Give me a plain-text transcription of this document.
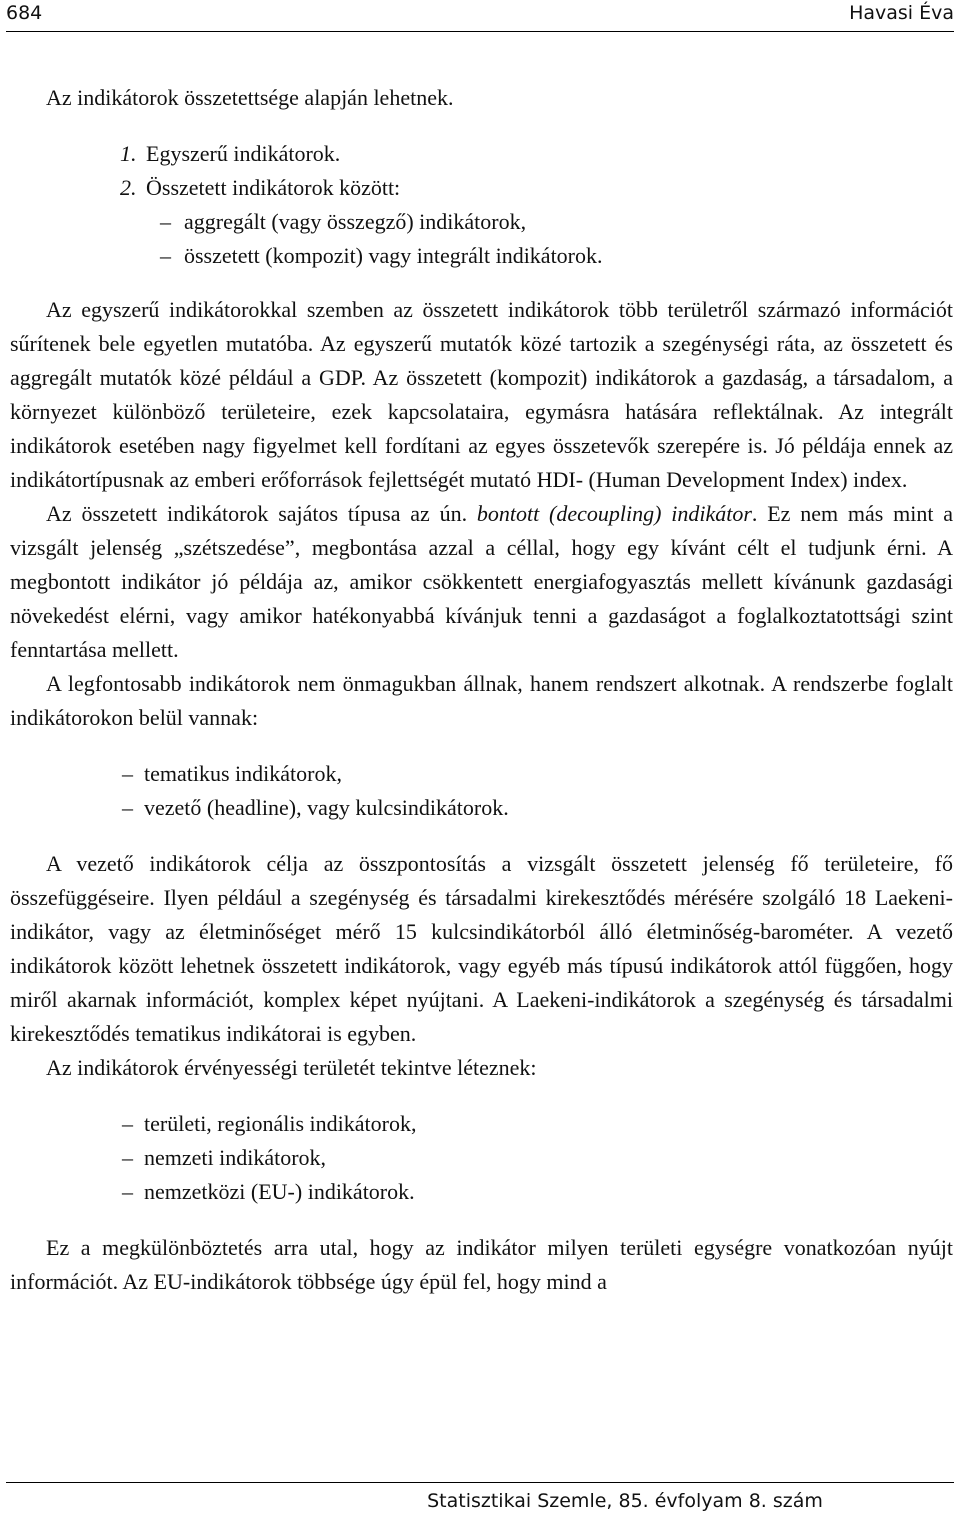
684	Havasi Éva

Az indikátorok összetettsége alapján lehetnek.

1. Egyszerű indikátorok.
2. Összetett indikátorok között:
– aggregált (vagy összegző) indikátorok,
– összetett (kompozit) vagy integrált indikátorok.

Az egyszerű indikátorokkal szemben az összetett indikátorok több területről származó információt sűrítenek bele egyetlen mutatóba. Az egyszerű mutatók közé tartozik a szegénységi ráta, az összetett és aggregált mutatók közé például a GDP. Az összetett (kompozit) indikátorok a gazdaság, a társadalom, a környezet különböző területeire, ezek kapcsolataira, egymásra hatására reflektálnak. Az integrált indikátorok esetében nagy figyelmet kell fordítani az egyes összetevők szerepére is. Jó példája ennek az indikátortípusnak az emberi erőforrások fejlettségét mutató HDI- (Human Development Index) index.

Az összetett indikátorok sajátos típusa az ún. bontott (decoupling) indikátor. Ez nem más mint a vizsgált jelenség „szétszedése”, megbontása azzal a céllal, hogy egy kívánt célt el tudjunk érni. A megbontott indikátor jó példája az, amikor csökkentett energiafogyasztás mellett kívánunk gazdasági növekedést elérni, vagy amikor hatékonyabbá kívánjuk tenni a gazdaságot a foglalkoztatottsági szint fenntartása mellett.

A legfontosabb indikátorok nem önmagukban állnak, hanem rendszert alkotnak. A rendszerbe foglalt indikátorokon belül vannak:

– tematikus indikátorok,
– vezető (headline), vagy kulcsindikátorok.

A vezető indikátorok célja az összpontosítás a vizsgált összetett jelenség fő területeire, fő összefüggéseire. Ilyen például a szegénység és társadalmi kirekesztődés mérésére szolgáló 18 Laekeni-indikátor, vagy az életminőséget mérő 15 kulcsindikátorból álló életminőség-barométer. A vezető indikátorok között lehetnek összetett indikátorok, vagy egyéb más típusú indikátorok attól függően, hogy miről akarnak információt, komplex képet nyújtani. A Laekeni-indikátorok a szegénység és társadalmi kirekesztődés tematikus indikátorai is egyben.

Az indikátorok érvényességi területét tekintve léteznek:

– területi, regionális indikátorok,
– nemzeti indikátorok,
– nemzetközi (EU-) indikátorok.

Ez a megkülönböztetés arra utal, hogy az indikátor milyen területi egységre vonatkozóan nyújt információt. Az EU-indikátorok többsége úgy épül fel, hogy mind a

Statisztikai Szemle, 85. évfolyam 8. szám
